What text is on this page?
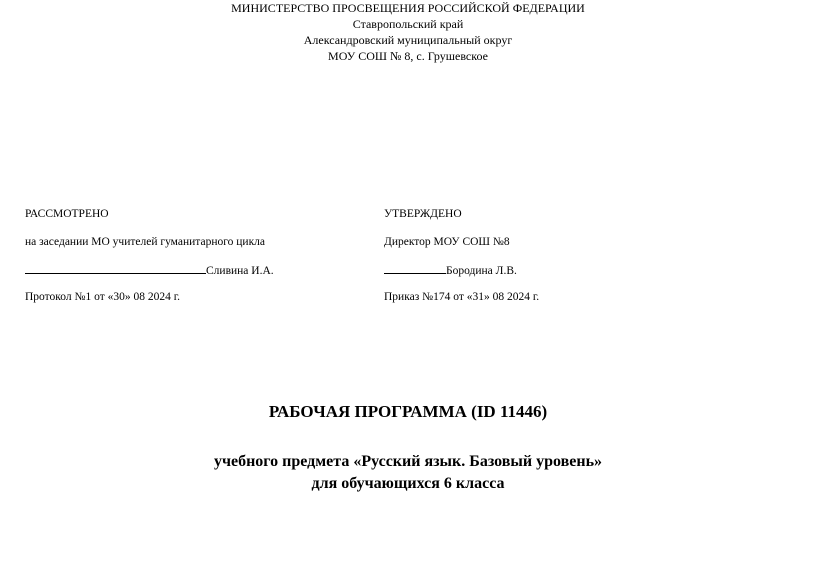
МИНИСТЕРСТВО ПРОСВЕЩЕНИЯ РОССИЙСКОЙ ФЕДЕРАЦИИ
Ставропольский край
Александровский муниципальный округ
МОУ СОШ № 8, с. Грушевское
РАССМОТРЕНО
на заседании МО учителей гуманитарного цикла
Сливина И.А.
Протокол №1 от «30» 08 2024 г.
УТВЕРЖДЕНО
Директор МОУ СОШ №8
Бородина Л.В.
Приказ №174 от «31» 08 2024 г.
РАБОЧАЯ ПРОГРАММА (ID 11446)
учебного предмета «Русский язык. Базовый уровень»
для обучающихся 6 класса
